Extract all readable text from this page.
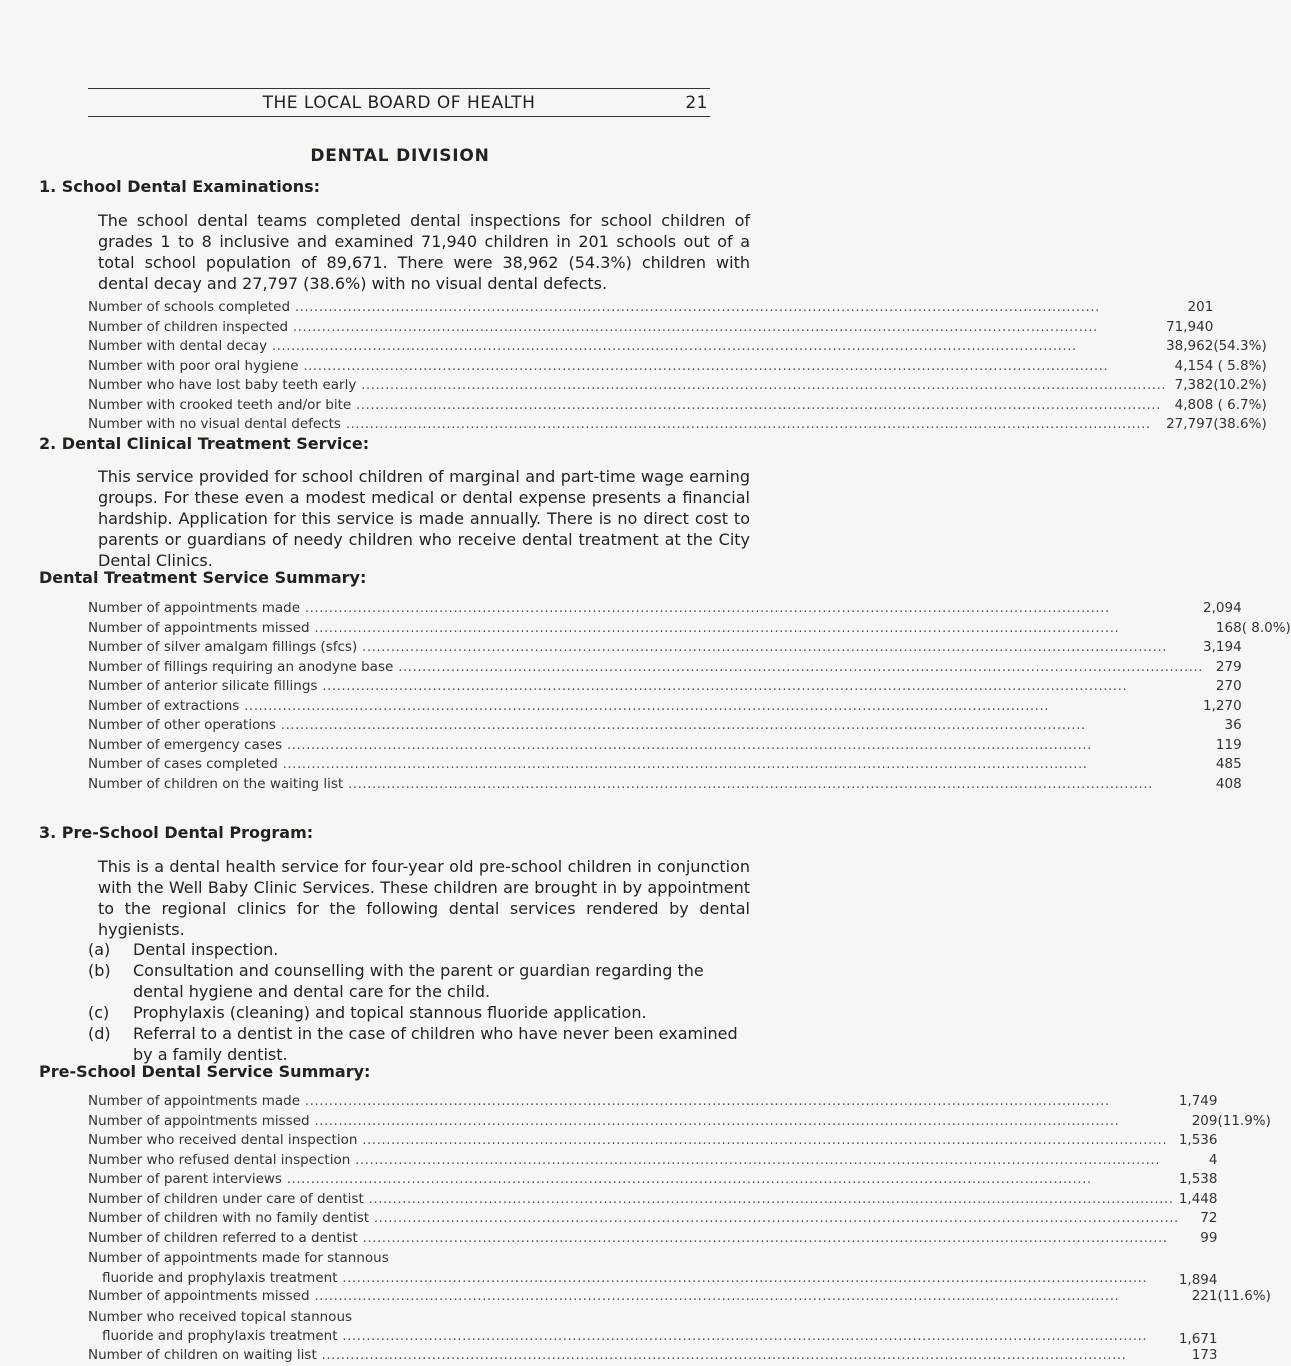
THE LOCAL BOARD OF HEALTH	21
DENTAL DIVISION
1. School Dental Examinations:
The school dental teams completed dental inspections for school children of grades 1 to 8 inclusive and examined 71,940 children in 201 schools out of a total school population of 89,671. There were 38,962 (54.3%) children with dental decay and 27,797 (38.6%) with no visual dental defects.
Number of schools completed .....	201	
Number of children inspected .....	71,940	
Number with dental decay .....	38,962	(54.3%)
Number with poor oral hygiene .....	4,154	( 5.8%)
Number who have lost baby teeth early .....	7,382	(10.2%)
Number with crooked teeth and/or bite .....	4,808	( 6.7%)
Number with no visual dental defects .....	27,797	(38.6%)
2. Dental Clinical Treatment Service:
This service provided for school children of marginal and part-time wage earning groups. For these even a modest medical or dental expense presents a financial hardship. Application for this service is made annually. There is no direct cost to parents or guardians of needy children who receive dental treatment at the City Dental Clinics.
Dental Treatment Service Summary:
Number of appointments made .....	2,094	
Number of appointments missed .....	168	( 8.0%)
Number of silver amalgam fillings (sfcs) .....	3,194	
Number of fillings requiring an anodyne base .....	279	
Number of anterior silicate fillings .....	270	
Number of extractions .....	1,270	
Number of other operations .....	36	
Number of emergency cases .....	119	
Number of cases completed .....	485	
Number of children on the waiting list .....	408	
3. Pre-School Dental Program:
This is a dental health service for four-year old pre-school children in conjunction with the Well Baby Clinic Services. These children are brought in by appointment to the regional clinics for the following dental services rendered by dental hygienists.
(a) Dental inspection.
(b) Consultation and counselling with the parent or guardian regarding the dental hygiene and dental care for the child.
(c) Prophylaxis (cleaning) and topical stannous fluoride application.
(d) Referral to a dentist in the case of children who have never been examined by a family dentist.
Pre-School Dental Service Summary:
Number of appointments made .....	1,749	
Number of appointments missed .....	209	(11.9%)
Number who received dental inspection .....	1,536	
Number who refused dental inspection .....	4	
Number of parent interviews .....	1,538	
Number of children under care of dentist .....	1,448	
Number of children with no family dentist .....	72	
Number of children referred to a dentist .....	99	

Number of appointments made for stannous
fluoride and prophylaxis treatment .....	1,894	
Number of appointments missed .....	221	(11.6%)

Number who received topical stannous
fluoride and prophylaxis treatment .....	1,671	
Number of children on waiting list .....	173	
